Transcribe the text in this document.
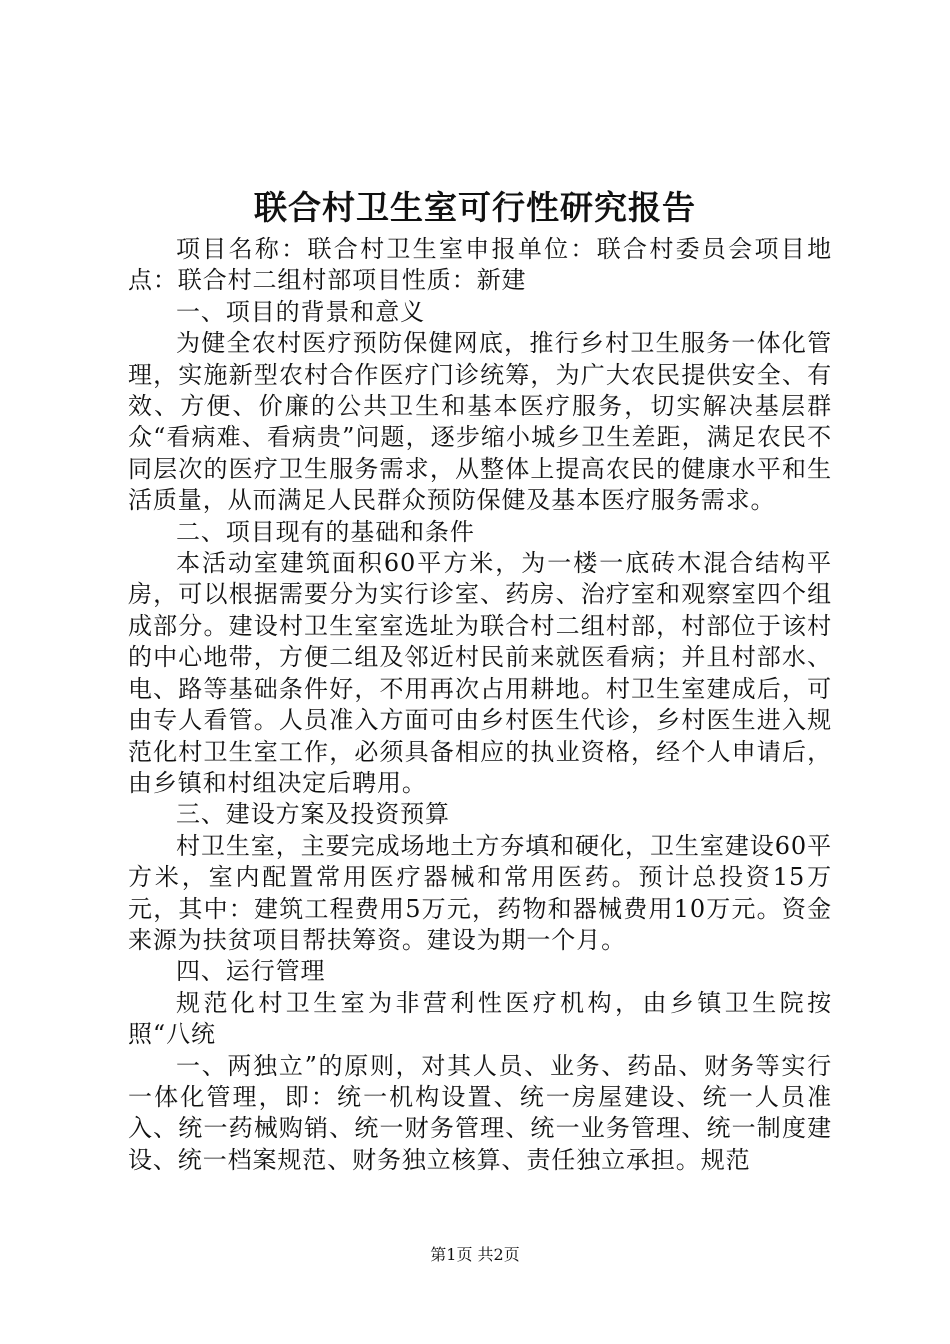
联合村卫生室可行性研究报告

项目名称：联合村卫生室申报单位：联合村委员会项目地点：联合村二组村部项目性质：新建

一、项目的背景和意义

为健全农村医疗预防保健网底，推行乡村卫生服务一体化管理，实施新型农村合作医疗门诊统筹，为广大农民提供安全、有效、方便、价廉的公共卫生和基本医疗服务，切实解决基层群众“看病难、看病贵”问题，逐步缩小城乡卫生差距，满足农民不同层次的医疗卫生服务需求，从整体上提高农民的健康水平和生活质量，从而满足人民群众预防保健及基本医疗服务需求。

二、项目现有的基础和条件

本活动室建筑面积60平方米，为一楼一底砖木混合结构平房，可以根据需要分为实行诊室、药房、治疗室和观察室四个组成部分。建设村卫生室室选址为联合村二组村部，村部位于该村的中心地带，方便二组及邻近村民前来就医看病；并且村部水、电、路等基础条件好，不用再次占用耕地。村卫生室建成后，可由专人看管。人员准入方面可由乡村医生代诊，乡村医生进入规范化村卫生室工作，必须具备相应的执业资格，经个人申请后，由乡镇和村组决定后聘用。

三、建设方案及投资预算

村卫生室，主要完成场地土方夯填和硬化，卫生室建设60平方米，室内配置常用医疗器械和常用医药。预计总投资15万元，其中：建筑工程费用5万元，药物和器械费用10万元。资金来源为扶贫项目帮扶筹资。建设为期一个月。

四、运行管理

规范化村卫生室为非营利性医疗机构，由乡镇卫生院按照“八统

一、两独立”的原则，对其人员、业务、药品、财务等实行一体化管理，即：统一机构设置、统一房屋建设、统一人员准入、统一药械购销、统一财务管理、统一业务管理、统一制度建设、统一档案规范、财务独立核算、责任独立承担。规范

第1页 共2页
